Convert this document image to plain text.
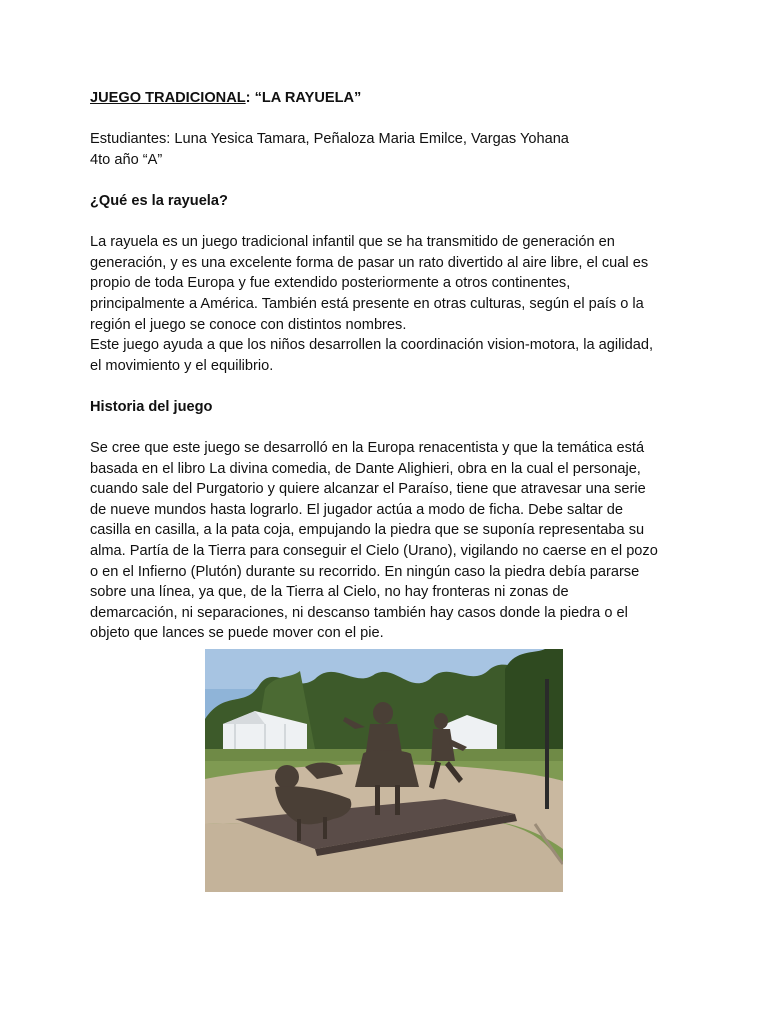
JUEGO TRADICIONAL: “LA RAYUELA”

Estudiantes: Luna Yesica Tamara, Peñaloza Maria Emilce, Vargas Yohana

4to año “A”

¿Qué es la rayuela?

La rayuela es un juego tradicional infantil que se ha transmitido de generación en
generación, y es una excelente forma de pasar un rato divertido al aire libre, el cual es
propio de toda Europa y fue extendido posteriormente a otros continentes,
principalmente a América. También está presente en otras culturas, según el país o la
región el juego se conoce con distintos nombres.
Este juego ayuda a que los niños desarrollen la coordinación vision-motora, la agilidad,
el movimiento y el equilibrio.

Historia del juego

Se cree que este juego se desarrolló en la Europa renacentista y que la temática está
basada en el libro La divina comedia, de Dante Alighieri, obra en la cual el personaje,
cuando sale del Purgatorio y quiere alcanzar el Paraíso, tiene que atravesar una serie
de nueve mundos hasta lograrlo. El jugador actúa a modo de ficha. Debe saltar de
casilla en casilla, a la pata coja, empujando la piedra que se suponía representaba su
alma. Partía de la Tierra para conseguir el Cielo (Urano), vigilando no caerse en el pozo
o en el Infierno (Plutón) durante su recorrido. En ningún caso la piedra debía pararse
sobre una línea, ya que, de la Tierra al Cielo, no hay fronteras ni zonas de
demarcación, ni separaciones, ni descanso también hay casos donde la piedra o el
objeto que lances se puede mover con el pie.
